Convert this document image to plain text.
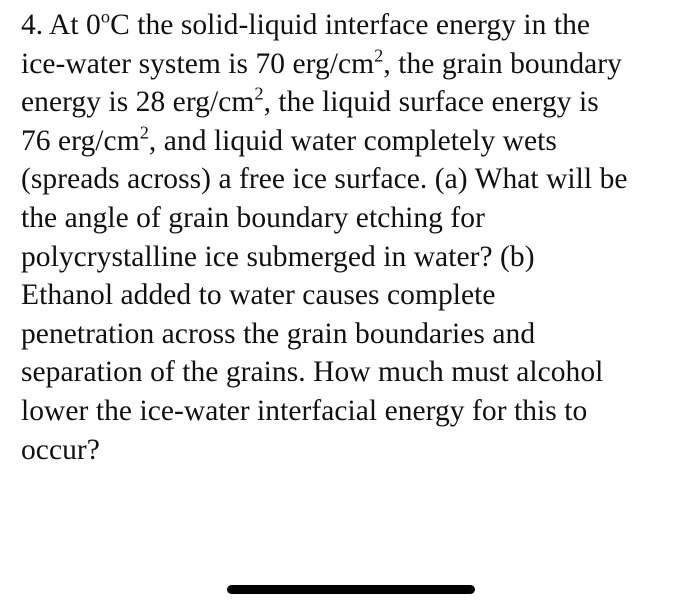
4. At 0$^o$C the solid-liquid interface energy in the
ice-water system is 70 erg/$cm^2$, the grain boundary
energy is 28 erg/$cm^2$, the liquid surface energy is
76 erg/$cm^2$, and liquid water completely wets
(spreads across) a free ice surface. (a) What will be
the angle of grain boundary etching for
polycrystalline ice submerged in water? (b)
Ethanol added to water causes complete
penetration across the grain boundaries and
separation of the grains. How much must alcohol
lower the ice-water interfacial energy for this to
occur?
